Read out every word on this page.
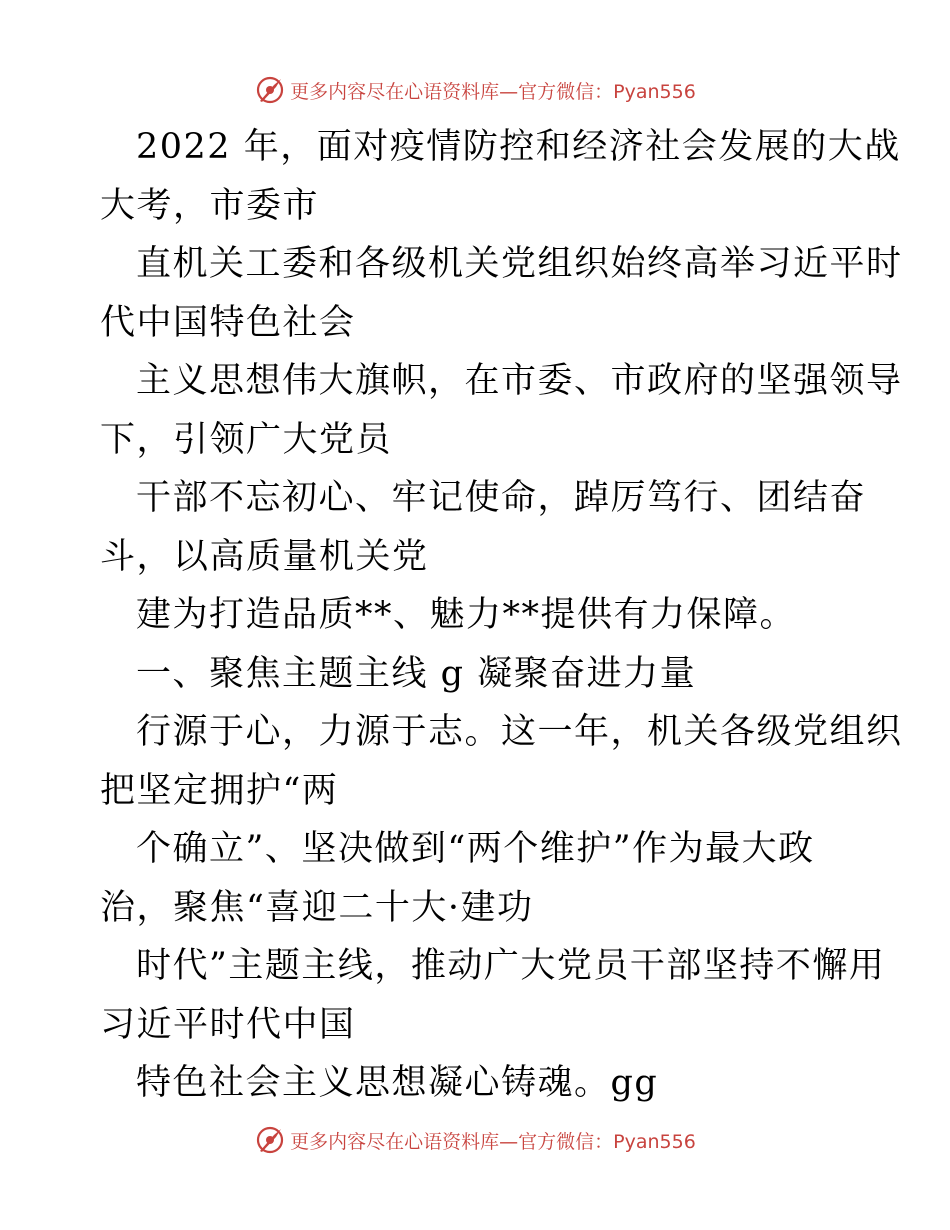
更多内容尽在心语资料库—官方微信：Pyan556
2022 年，面对疫情防控和经济社会发展的大战
大考，市委市
直机关工委和各级机关党组织始终高举习近平时
代中国特色社会
主义思想伟大旗帜，在市委、市政府的坚强领导
下，引领广大党员
干部不忘初心、牢记使命，踔厉笃行、团结奋
斗，以高质量机关党
建为打造品质**、魅力**提供有力保障。
一、聚焦主题主线 g 凝聚奋进力量
行源于心，力源于志。这一年，机关各级党组织
把坚定拥护“两
个确立”、坚决做到“两个维护”作为最大政
治，聚焦“喜迎二十大·建功
时代”主题主线，推动广大党员干部坚持不懈用
习近平时代中国
特色社会主义思想凝心铸魂。gg
更多内容尽在心语资料库—官方微信：Pyan556
